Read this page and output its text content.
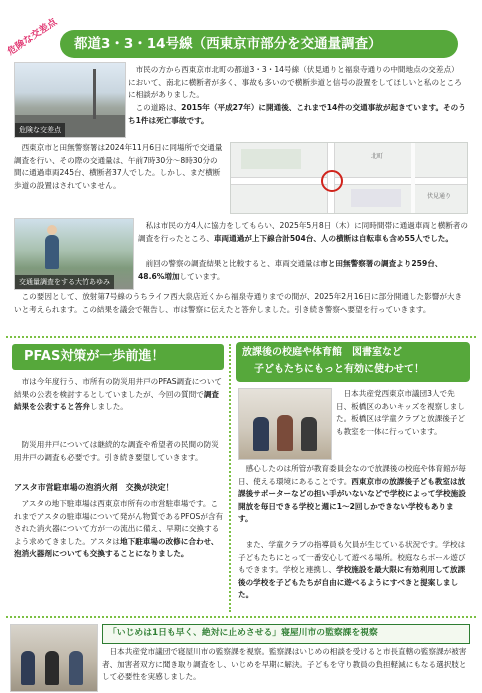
都道3・3・14号線（西東京市部分を交通量調査）
危険な交差点
危険な交差点

市民の方から西東京市北町の都道3・3・14号線（伏見通りと福泉寺通りの中間地点の交差点）において、南北に横断者が多く、事故も多いので横断歩道と信号の設置をしてほしいと私のところに相談がありました。

この道路は、2015年（平成27年）に開通後、これまで14件の交通事故が起きています。そのうち1件は死亡事故です。

西東京市と田無警察署は2024年11月6日に同場所で交通量調査を行い、その際の交通量は、午前7時30分〜8時30分の間に通過車両245台、横断者37人でした。しかし、まだ横断歩道の設置はされていません。

北町
伏見通り
交通量調査をする大竹あゆみ

私は市民の方4人に協力をしてもらい、2025年5月8日（木）に同時間帯に通過車両と横断者の調査を行ったところ、車両通過が上下線合計504台、人の横断は自転車も含め55人でした。

前回の警察の調査結果と比較すると、車両交通量は市と田無警察署の調査より259台、48.6%増加しています。

この要因として、放射第7号線のうちライフ西大泉店近くから福泉寺通りまでの間が、2025年2月16日に部分開通した影響が大きいと考えられます。この結果を議会で報告し、市は警察に伝えたと答弁しました。引き続き警察へ要望を行っていきます。

PFAS対策が一歩前進！

市は今年度行う、市所有の防災用井戸のPFAS調査について結果の公表を検討するとしていましたが、今回の質問で調査結果を公表すると答弁しました。

防災用井戸については継続的な調査や希望者の民間の防災用井戸の調査も必要です。引き続き要望していきます。

アスタ市営駐車場の泡消火剤　交換が決定！

アスタの地下駐車場は西東京市所有の市営駐車場です。これまでアスタの駐車場について発がん物質であるPFOSが含有された消火器について方が一の流出に備え、早期に交換するよう求めてきました。アスタは地下駐車場の改修に合わせ、泡消火器剤についても交換することになりました。

放課後の校庭や体育館　図書室など
子どもたちにもっと有効に使わせて！

日本共産党西東京市議団3人で先日、板橋区のあいキッズを視察しました。板橋区は学童クラブと放課後子ども教室を一体に行っています。

感心したのは所管が教育委員会なので放課後の校庭や体育館が毎日、使える環境にあることです。西東京市の放課後子ども教室は放課後サポーターなどの担い手がいないなどで学校によって学校施設開放を毎日できる学校と週に1〜2回しかできない学校もあります。

また、学童クラブの指導員も欠員が生じている状況です。学校は子どもたちにとって一番安心して遊べる場所。校庭ならボール遊びもできます。学校と連携し、学校施設を最大限に有効利用して放課後の学校を子どもたちが自由に遊べるようにすべきと提案しました。

「いじめは1日も早く、絶対に止めさせる」寝屋川市の監察課を視察

日本共産党市議団で寝屋川市の監察課を視察。監察課はいじめの相談を受けると市長直轄の監察課が被害者、加害者双方に聞き取り調査をし、いじめを早期に解決。子どもを守り教員の負担軽減にもなる選択肢として必要性を実感しました。
